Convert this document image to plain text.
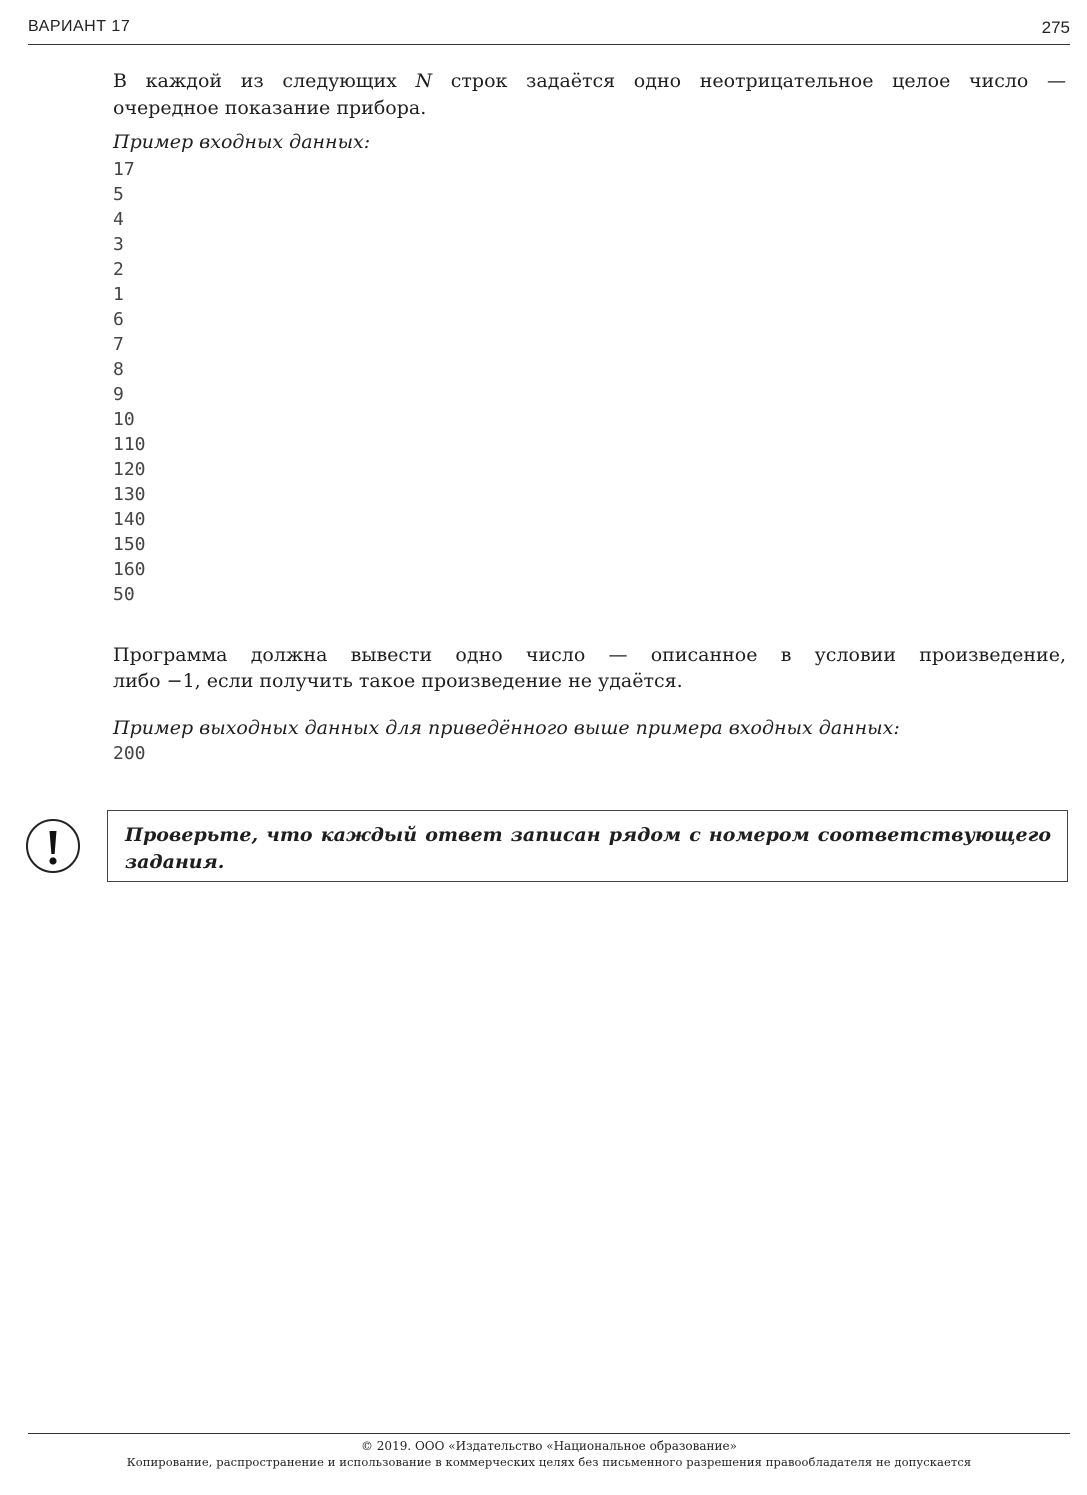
ВАРИАНТ 17	275
В каждой из следующих N строк задаётся одно неотрицательное целое число —
очередное показание прибора.
Пример входных данных:
17
5
4
3
2
1
6
7
8
9
10
110
120
130
140
150
160
50
Программа должна вывести одно число — описанное в условии произведение,
либо −1, если получить такое произведение не удаётся.
Пример выходных данных для приведённого выше примера входных данных:
200
Проверьте, что каждый ответ записан рядом с номером соответствующего
задания.
© 2019. ООО «Издательство «Национальное образование»
Копирование, распространение и использование в коммерческих целях без письменного разрешения правообладателя не допускается
